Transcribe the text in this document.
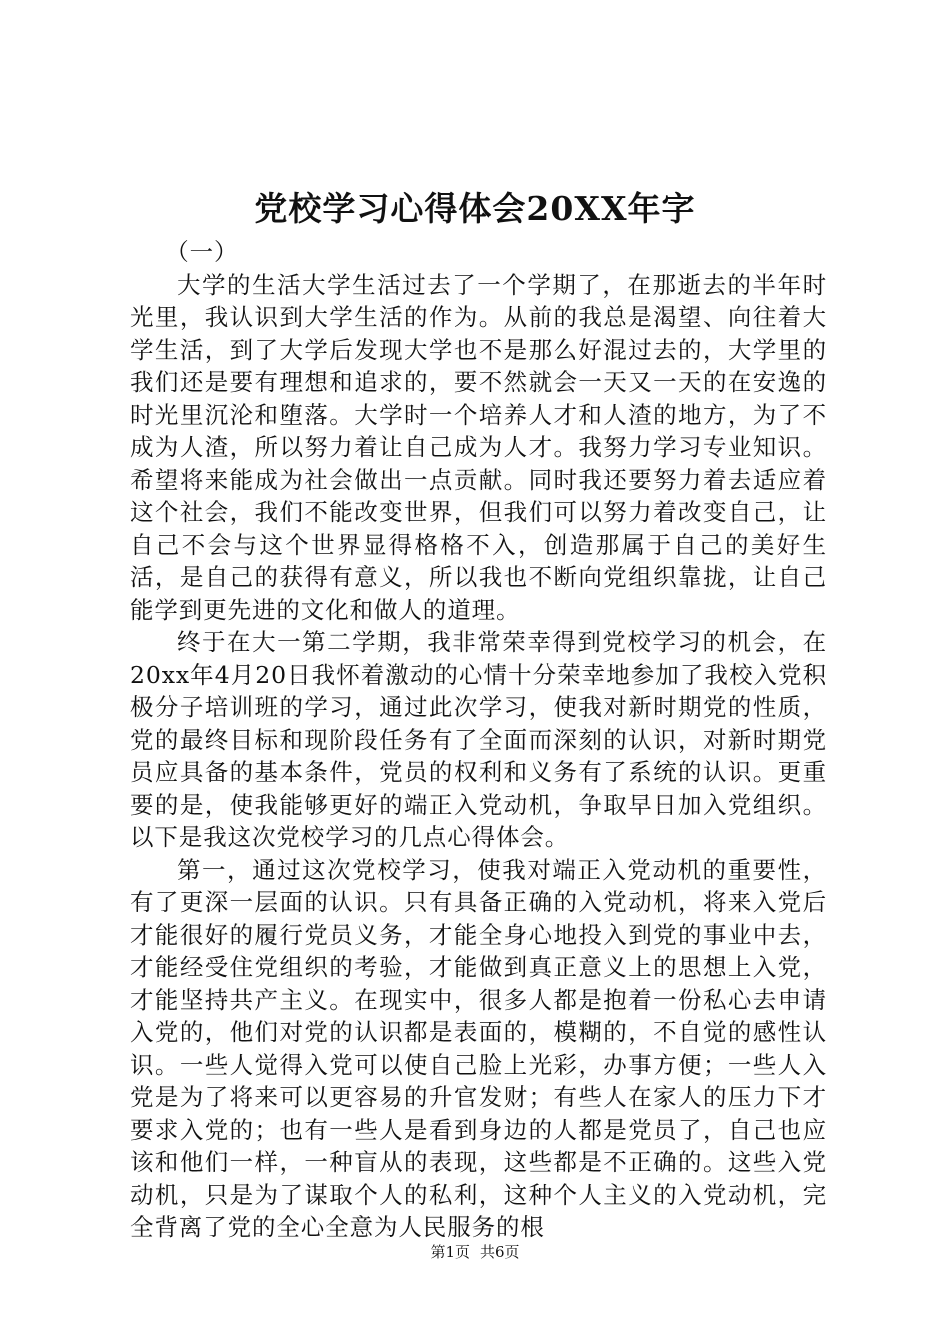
党校学习心得体会20XX年字

（一）

大学的生活大学生活过去了一个学期了，在那逝去的半年时光里，我认识到大学生活的作为。从前的我总是渴望、向往着大学生活，到了大学后发现大学也不是那么好混过去的，大学里的我们还是要有理想和追求的，要不然就会一天又一天的在安逸的时光里沉沦和堕落。大学时一个培养人才和人渣的地方，为了不成为人渣，所以努力着让自己成为人才。我努力学习专业知识。希望将来能成为社会做出一点贡献。同时我还要努力着去适应着这个社会，我们不能改变世界，但我们可以努力着改变自己，让自己不会与这个世界显得格格不入，创造那属于自己的美好生活，是自己的获得有意义，所以我也不断向党组织靠拢，让自己能学到更先进的文化和做人的道理。

终于在大一第二学期，我非常荣幸得到党校学习的机会，在20xx年4月20日我怀着激动的心情十分荣幸地参加了我校入党积极分子培训班的学习，通过此次学习，使我对新时期党的性质，党的最终目标和现阶段任务有了全面而深刻的认识，对新时期党员应具备的基本条件，党员的权利和义务有了系统的认识。更重要的是，使我能够更好的端正入党动机，争取早日加入党组织。以下是我这次党校学习的几点心得体会。

第一，通过这次党校学习，使我对端正入党动机的重要性，有了更深一层面的认识。只有具备正确的入党动机，将来入党后才能很好的履行党员义务，才能全身心地投入到党的事业中去，才能经受住党组织的考验，才能做到真正意义上的思想上入党，才能坚持共产主义。在现实中，很多人都是抱着一份私心去申请入党的，他们对党的认识都是表面的，模糊的，不自觉的感性认识。一些人觉得入党可以使自己脸上光彩，办事方便；一些人入党是为了将来可以更容易的升官发财；有些人在家人的压力下才要求入党的；也有一些人是看到身边的人都是党员了，自己也应该和他们一样，一种盲从的表现，这些都是不正确的。这些入党动机，只是为了谋取个人的私利，这种个人主义的入党动机，完全背离了党的全心全意为人民服务的根

第1页 共6页
